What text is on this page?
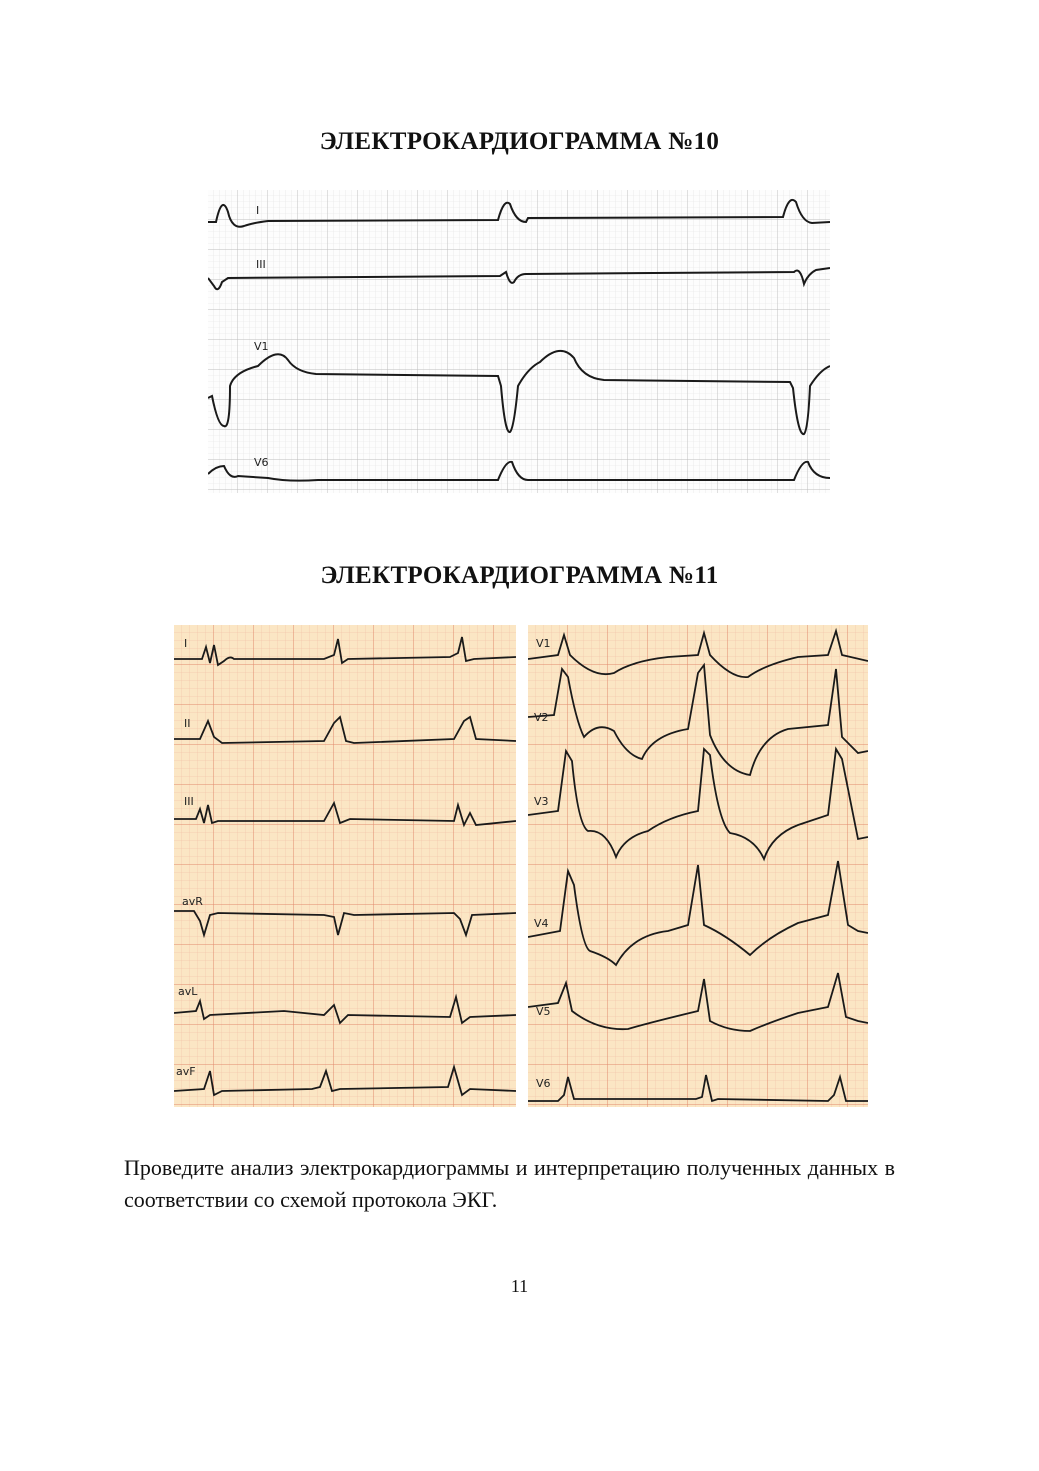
ЭЛЕКТРОКАРДИОГРАММА №10
I
III
V1
V6
ЭЛЕКТРОКАРДИОГРАММА №11
I
II
III
avR
avL
avF
V1
V2
V3
V4
V5
V6
Проведите анализ электрокардиограммы и интерпретацию полученных данных в соответствии со схемой протокола ЭКГ.
11
